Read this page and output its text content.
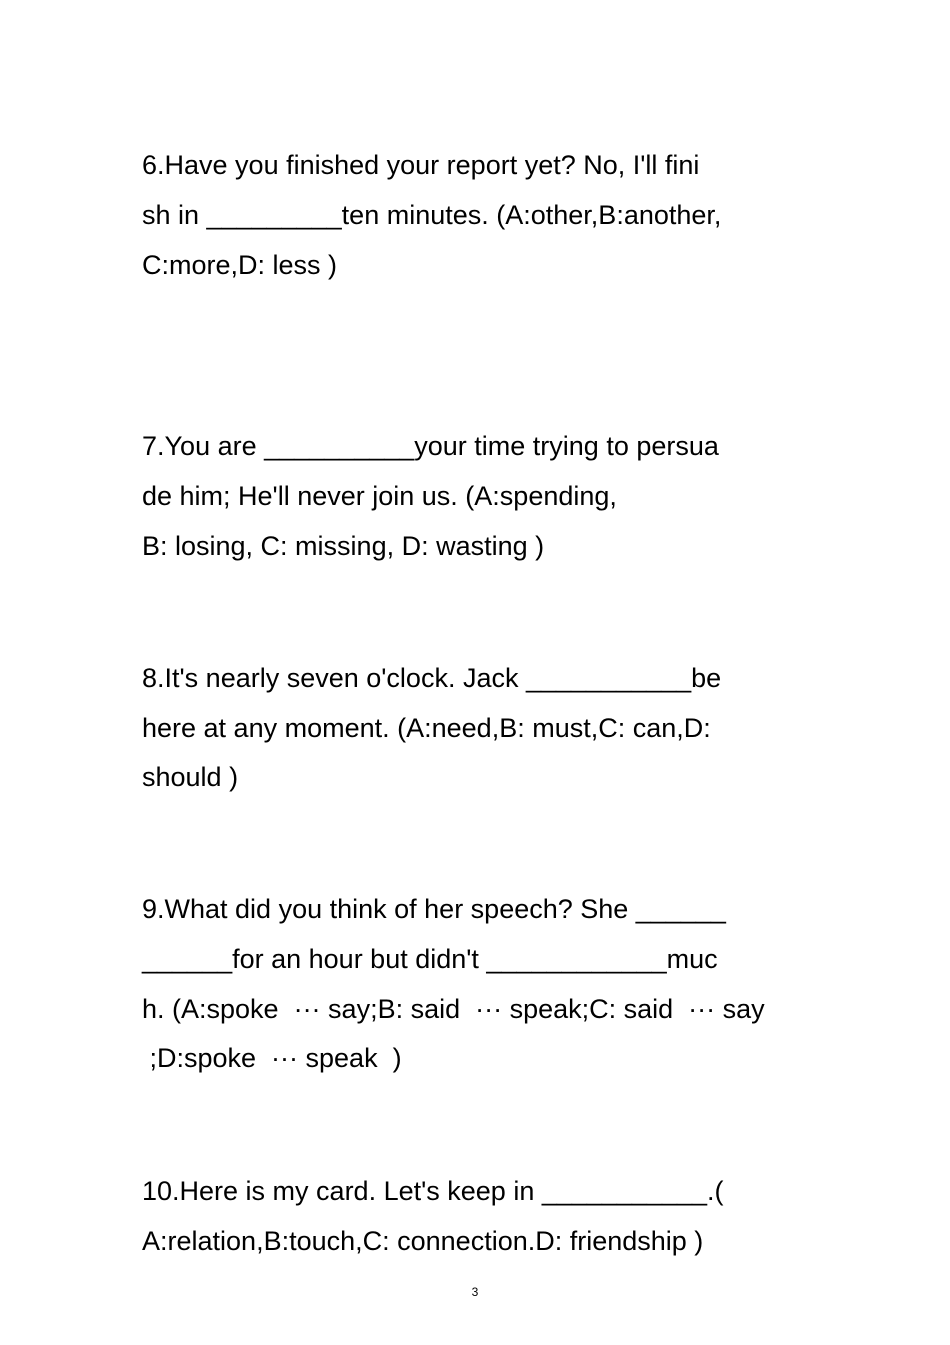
6.Have you finished your report yet? No, I'll fini
sh in _________ten minutes. (A:other,B:another,
C:more,D: less )
7.You are __________your time trying to persua
de him; He'll never join us. (A:spending,
B: losing, C: missing, D: wasting )
8.It's nearly seven o'clock. Jack ___________be
here at any moment. (A:need,B: must,C: can,D:
should )
9.What did you think of her speech? She ______
______for an hour but didn't ____________muc
h. (A:spoke  ··· say;B: said  ··· speak;C: said  ··· say
;D:spoke  ··· speak  )
10.Here is my card. Let's keep in ___________.(
A:relation,B:touch,C: connection.D: friendship )
3
